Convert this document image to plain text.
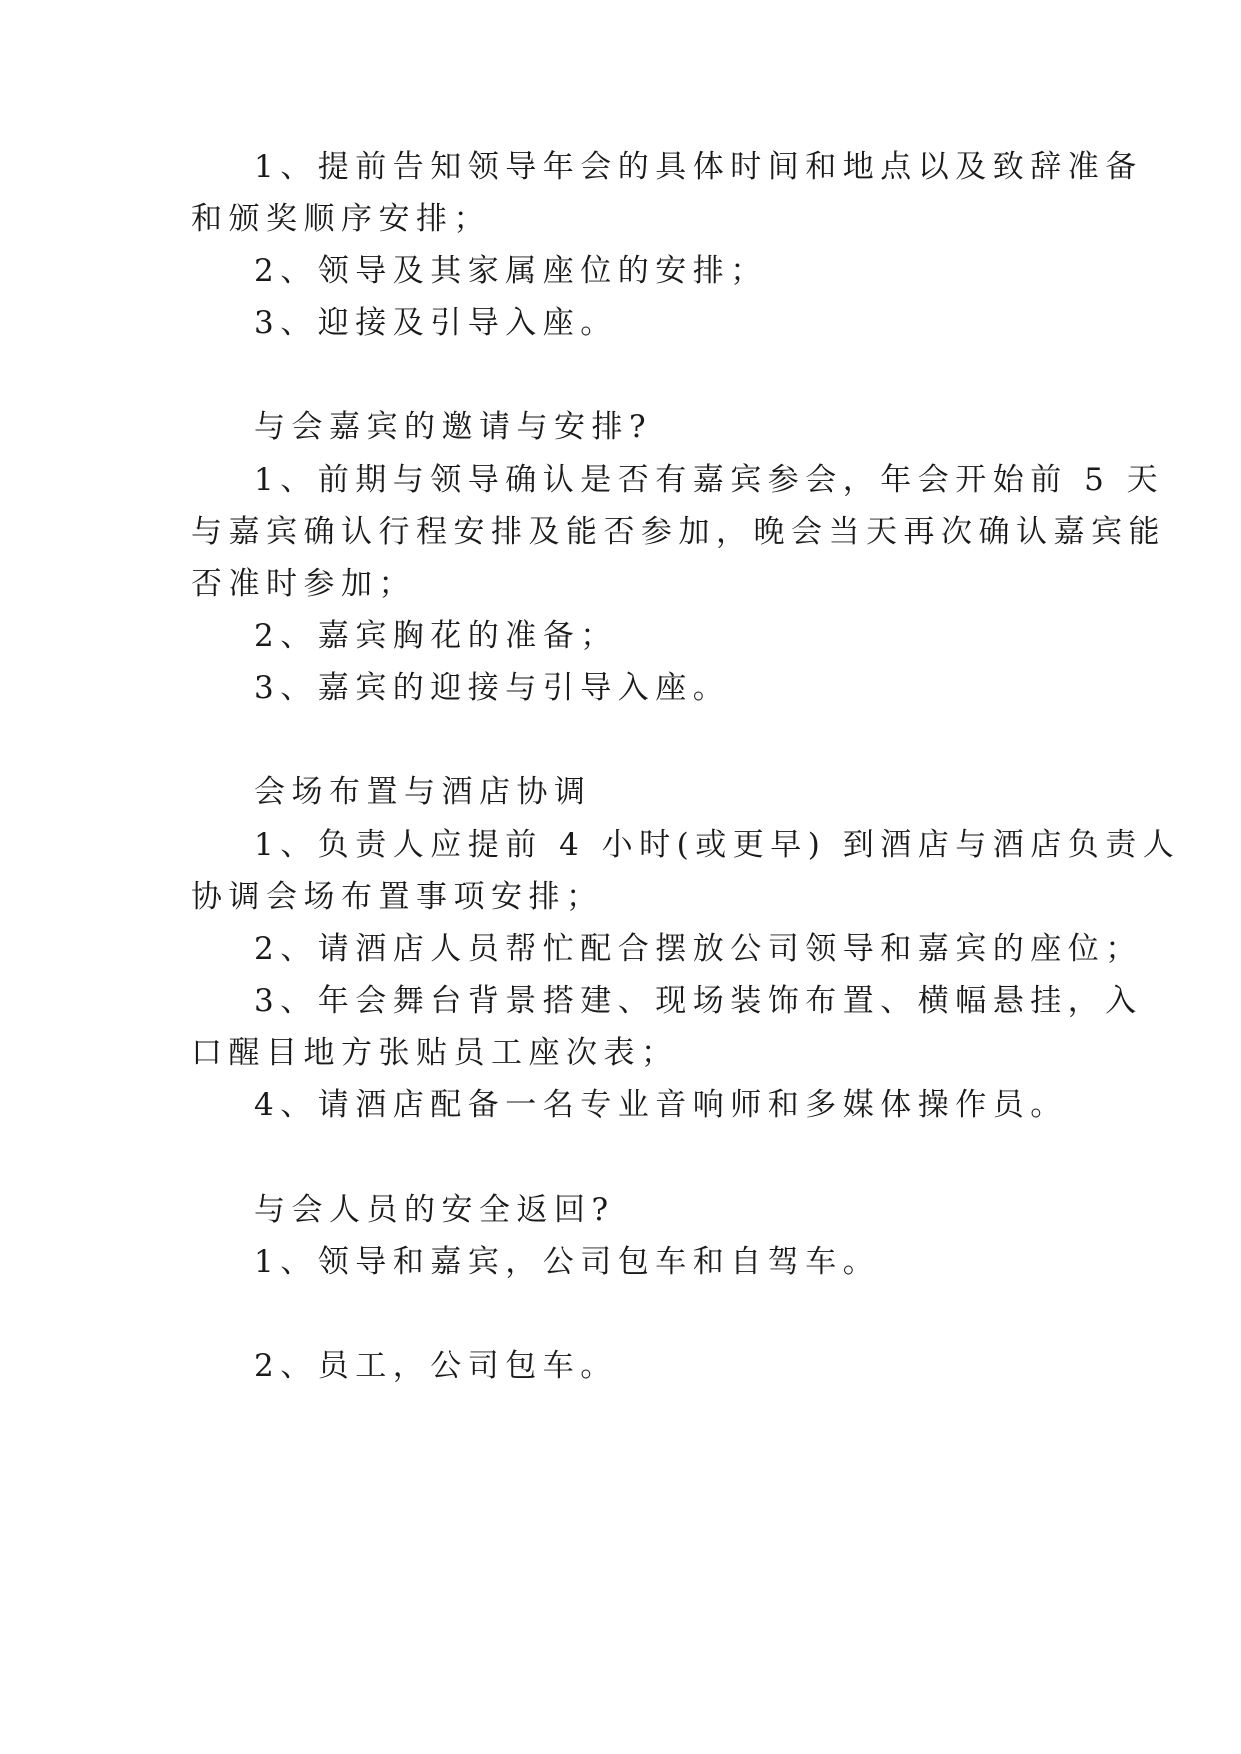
1、提前告知领导年会的具体时间和地点以及致辞准备

和颁奖顺序安排；

2、领导及其家属座位的安排；

3、迎接及引导入座。

与会嘉宾的邀请与安排?

1、前期与领导确认是否有嘉宾参会，年会开始前 5 天

与嘉宾确认行程安排及能否参加，晚会当天再次确认嘉宾能

否准时参加；

2、嘉宾胸花的准备；

3、嘉宾的迎接与引导入座。

会场布置与酒店协调

1、负责人应提前 4 小时(或更早) 到酒店与酒店负责人

协调会场布置事项安排；

2、请酒店人员帮忙配合摆放公司领导和嘉宾的座位；

3、年会舞台背景搭建、现场装饰布置、横幅悬挂，入

口醒目地方张贴员工座次表；

4、请酒店配备一名专业音响师和多媒体操作员。

与会人员的安全返回?

1、领导和嘉宾，公司包车和自驾车。

2、员工，公司包车。
